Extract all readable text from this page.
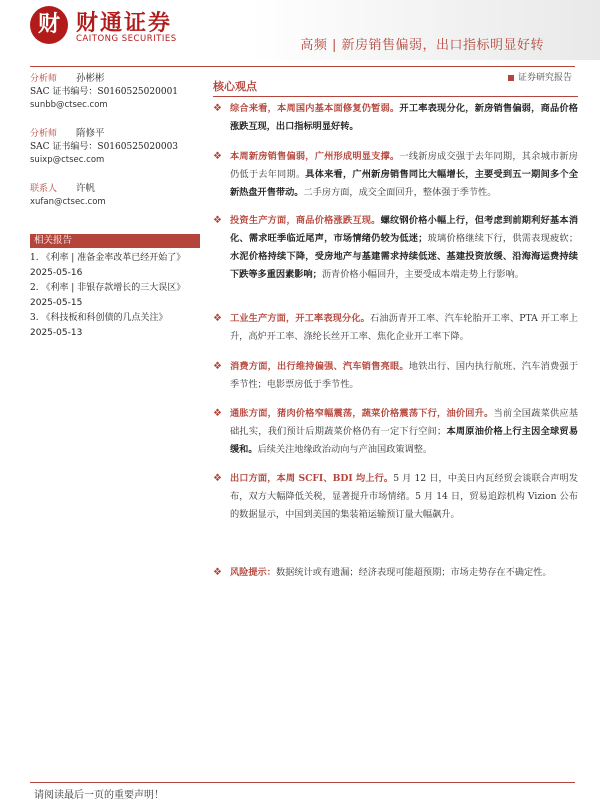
财 财通证券
CAITONG SECURITIES	高频 | 新房销售偏弱，出口指标明显好转
证券研究报告
分析师 孙彬彬
SAC 证书编号：S0160525020001
sunbb@ctsec.com
分析师 隋修平
SAC 证书编号：S0160525020003
suixp@ctsec.com
联系人 许帆
xufan@ctsec.com
相关报告
1. 《利率 | 准备金率改革已经开始了》
2025-05-16
2. 《利率 | 非银存款增长的三大误区》
2025-05-15
3. 《科技板和科创债的几点关注》
2025-05-13
核心观点
❖ 综合来看，本周国内基本面修复仍暂弱。开工率表现分化，新房销售偏弱，商品价格涨跌互现，出口指标明显好转。
❖ 本周新房销售偏弱，广州形成明显支撑。一线新房成交强于去年同期，其余城市新房仍低于去年同期。具体来看，广州新房销售同比大幅增长，主要受到五一期间多个全新热盘开售带动。二手房方面，成交全面回升，整体强于季节性。
❖ 投资生产方面，商品价格涨跌互现。螺纹钢价格小幅上行，但考虑到前期利好基本消化、需求旺季临近尾声，市场情绪仍较为低迷；玻璃价格继续下行，供需表现疲软；水泥价格持续下降，受房地产与基建需求持续低迷、基建投资放缓、沿海海运费持续下跌等多重因素影响；沥青价格小幅回升，主要受成本端走势上行影响。
❖ 工业生产方面，开工率表现分化。石油沥青开工率、汽车轮胎开工率、PTA 开工率上升，高炉开工率、涤纶长丝开工率、焦化企业开工率下降。
❖ 消费方面，出行维持偏强、汽车销售亮眼。地铁出行、国内执行航班、汽车消费强于季节性；电影票房低于季节性。
❖ 通胀方面，猪肉价格窄幅震荡，蔬菜价格震荡下行，油价回升。当前全国蔬菜供应基础扎实，我们预计后期蔬菜价格仍有一定下行空间；本周原油价格上行主因全球贸易缓和。后续关注地缘政治动向与产油国政策调整。
❖ 出口方面，本周 SCFI、BDI 均上行。5 月 12 日，中美日内瓦经贸会谈联合声明发布，双方大幅降低关税，显著提升市场情绪。5 月 14 日，贸易追踪机构 Vizion 公布的数据显示，中国到美国的集装箱运输预订量大幅飙升。
❖ 风险提示：数据统计或有遗漏；经济表现可能超预期；市场走势存在不确定性。
请阅读最后一页的重要声明！
